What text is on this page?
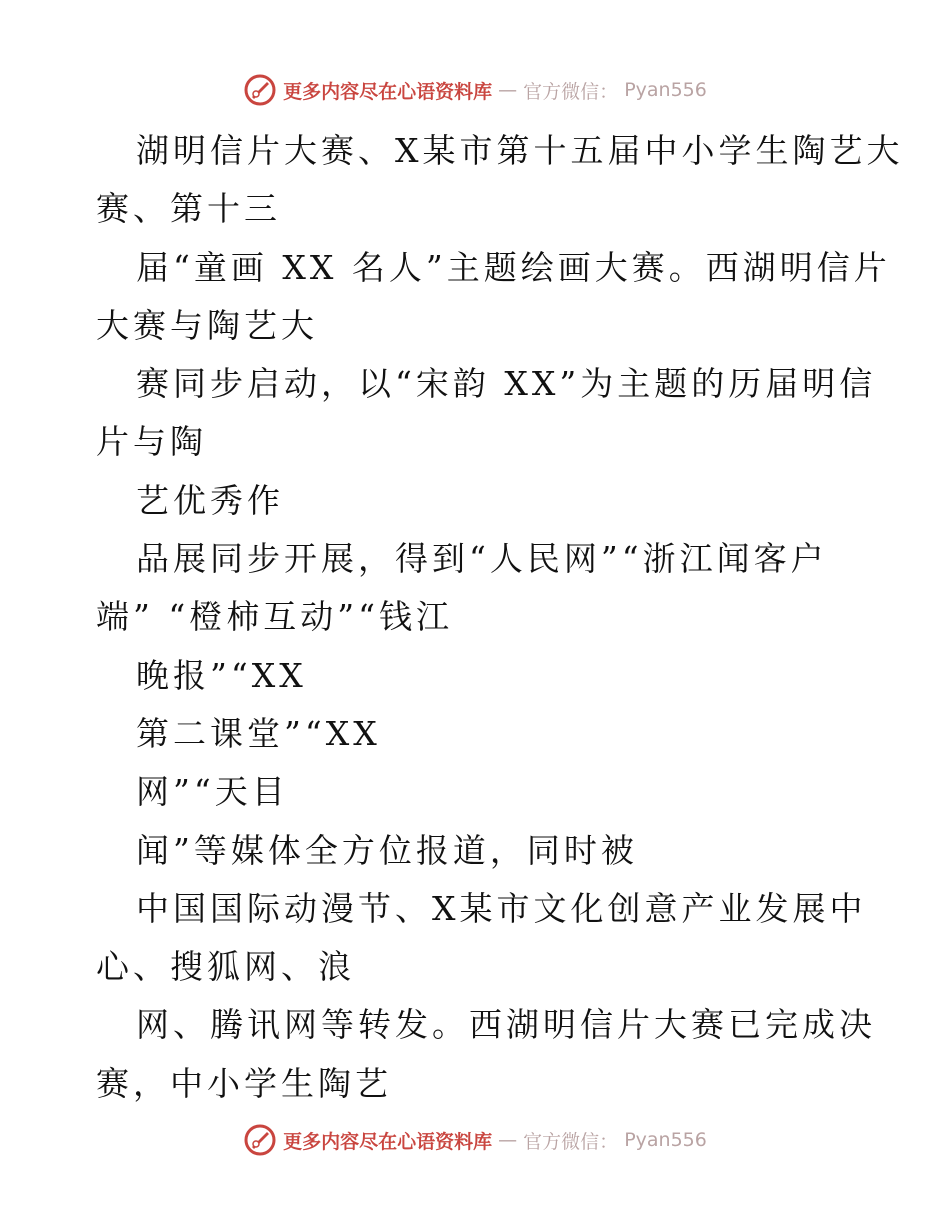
更多内容尽在心语资料库 — 官方微信： Pyan556
湖明信片大赛、X某市第十五届中小学生陶艺大
赛、第十三
届“童画 XX 名人”主题绘画大赛。西湖明信片
大赛与陶艺大
赛同步启动，以“宋韵 XX”为主题的历届明信
片与陶
艺优秀作
品展同步开展，得到“人民网”“浙江闻客户
端” “橙柿互动”“钱江
晚报”“XX
第二课堂”“XX
网”“天目
闻”等媒体全方位报道，同时被
中国国际动漫节、X某市文化创意产业发展中
心、搜狐网、浪
网、腾讯网等转发。西湖明信片大赛已完成决
赛，中小学生陶艺
更多内容尽在心语资料库 — 官方微信： Pyan556
